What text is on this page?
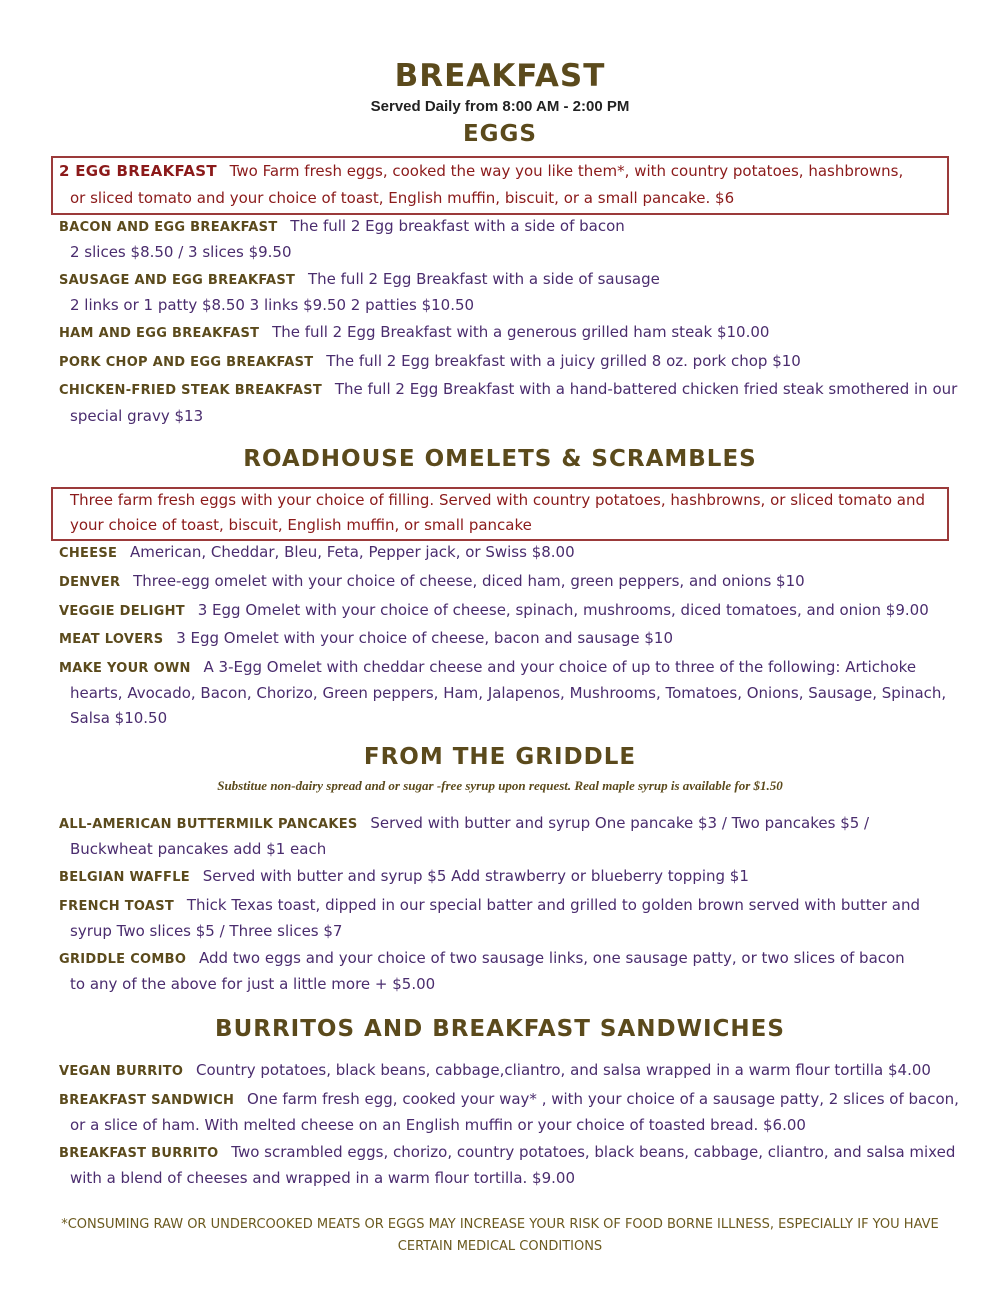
BREAKFAST
Served Daily from 8:00 AM - 2:00 PM
EGGS
2 EGG BREAKFAST Two Farm fresh eggs, cooked the way you like them*, with country potatoes, hashbrowns,
or sliced tomato and your choice of toast, English muffin, biscuit, or a small pancake. $6
BACON AND EGG BREAKFAST The full 2 Egg breakfast with a side of bacon
2 slices $8.50 / 3 slices $9.50
SAUSAGE AND EGG BREAKFAST The full 2 Egg Breakfast with a side of sausage
2 links or 1 patty $8.50 3 links $9.50 2 patties $10.50
HAM AND EGG BREAKFAST The full 2 Egg Breakfast with a generous grilled ham steak $10.00
PORK CHOP AND EGG BREAKFAST The full 2 Egg breakfast with a juicy grilled 8 oz. pork chop $10
CHICKEN-FRIED STEAK BREAKFAST The full 2 Egg Breakfast with a hand-battered chicken fried steak smothered in our
special gravy $13
ROADHOUSE OMELETS & SCRAMBLES
Three farm fresh eggs with your choice of filling. Served with country potatoes, hashbrowns, or sliced tomato and
your choice of toast, biscuit, English muffin, or small pancake
CHEESE American, Cheddar, Bleu, Feta, Pepper jack, or Swiss $8.00
DENVER Three-egg omelet with your choice of cheese, diced ham, green peppers, and onions $10
VEGGIE DELIGHT 3 Egg Omelet with your choice of cheese, spinach, mushrooms, diced tomatoes, and onion $9.00
MEAT LOVERS 3 Egg Omelet with your choice of cheese, bacon and sausage $10
MAKE YOUR OWN A 3-Egg Omelet with cheddar cheese and your choice of up to three of the following: Artichoke
hearts, Avocado, Bacon, Chorizo, Green peppers, Ham, Jalapenos, Mushrooms, Tomatoes, Onions, Sausage, Spinach,
Salsa $10.50
FROM THE GRIDDLE
Substitue non-dairy spread and or sugar -free syrup upon request. Real maple syrup is available for $1.50
ALL-AMERICAN BUTTERMILK PANCAKES Served with butter and syrup One pancake $3 / Two pancakes $5 /
Buckwheat pancakes add $1 each
BELGIAN WAFFLE Served with butter and syrup $5 Add strawberry or blueberry topping $1
FRENCH TOAST Thick Texas toast, dipped in our special batter and grilled to golden brown served with butter and
syrup Two slices $5 / Three slices $7
GRIDDLE COMBO Add two eggs and your choice of two sausage links, one sausage patty, or two slices of bacon
to any of the above for just a little more + $5.00
BURRITOS AND BREAKFAST SANDWICHES
VEGAN BURRITO Country potatoes, black beans, cabbage,cliantro, and salsa wrapped in a warm flour tortilla $4.00
BREAKFAST SANDWICH One farm fresh egg, cooked your way* , with your choice of a sausage patty, 2 slices of bacon,
or a slice of ham. With melted cheese on an English muffin or your choice of toasted bread. $6.00
BREAKFAST BURRITO Two scrambled eggs, chorizo, country potatoes, black beans, cabbage, cliantro, and salsa mixed
with a blend of cheeses and wrapped in a warm flour tortilla. $9.00
*CONSUMING RAW OR UNDERCOOKED MEATS OR EGGS MAY INCREASE YOUR RISK OF FOOD BORNE ILLNESS, ESPECIALLY IF YOU HAVE CERTAIN MEDICAL CONDITIONS
